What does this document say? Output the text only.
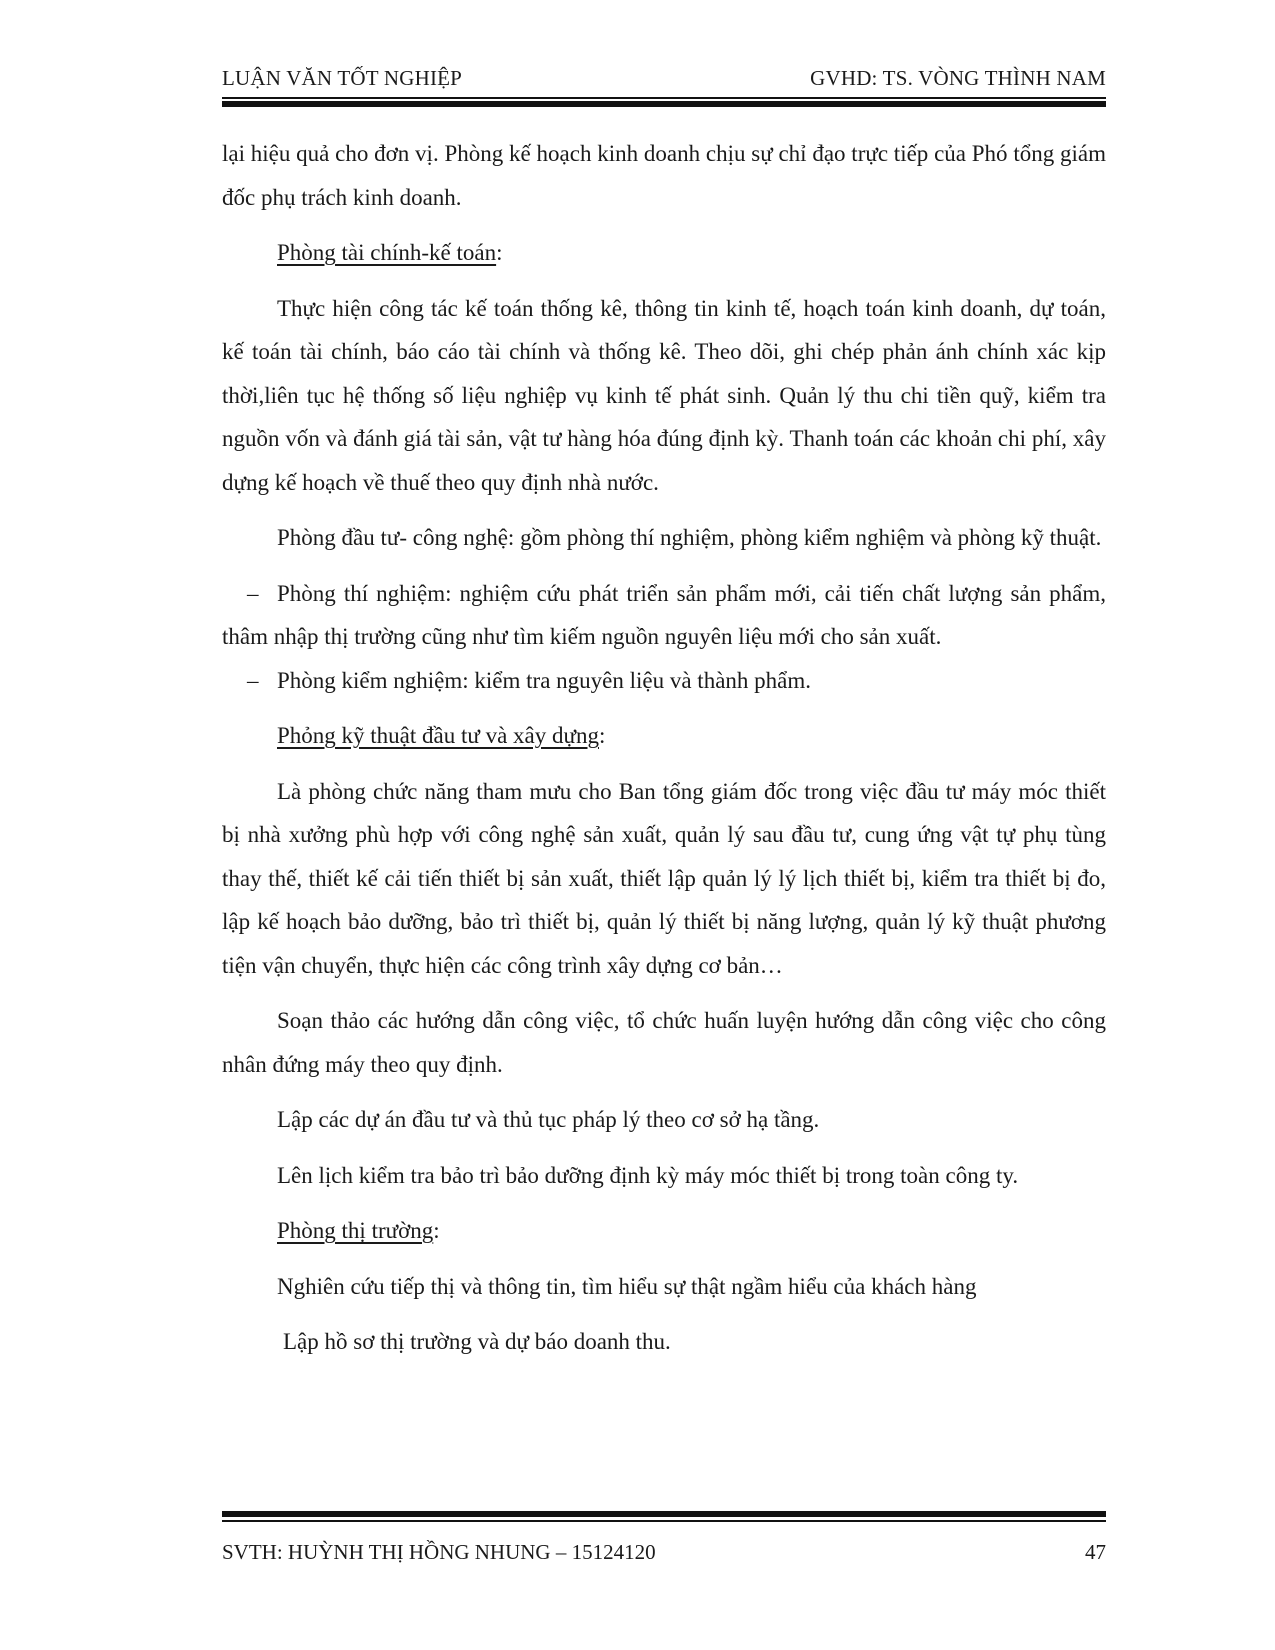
LUẬN VĂN TỐT NGHIỆP	GVHD: TS. VÒNG THÌNH NAM
lại hiệu quả cho đơn vị. Phòng kế hoạch kinh doanh chịu sự chỉ đạo trực tiếp của Phó tổng giám đốc phụ trách kinh doanh.
Phòng tài chính-kế toán:
Thực hiện công tác kế toán thống kê, thông tin kinh tế, hoạch toán kinh doanh, dự toán, kế toán tài chính, báo cáo tài chính và thống kê. Theo dõi, ghi chép phản ánh chính xác kịp thời,liên tục hệ thống số liệu nghiệp vụ kinh tế phát sinh. Quản lý thu chi tiền quỹ, kiểm tra nguồn vốn và đánh giá tài sản, vật tư hàng hóa đúng định kỳ. Thanh toán các khoản chi phí, xây dựng kế hoạch về thuế theo quy định nhà nước.
Phòng đầu tư- công nghệ: gồm phòng thí nghiệm, phòng kiểm nghiệm và phòng kỹ thuật.
– Phòng thí nghiệm: nghiệm cứu phát triển sản phẩm mới, cải tiến chất lượng sản phẩm, thâm nhập thị trường cũng như tìm kiếm nguồn nguyên liệu mới cho sản xuất.
– Phòng kiểm nghiệm: kiểm tra nguyên liệu và thành phẩm.
Phỏng kỹ thuật đầu tư và xây dựng:
Là phòng chức năng tham mưu cho Ban tổng giám đốc trong việc đầu tư máy móc thiết bị nhà xưởng phù hợp với công nghệ sản xuất, quản lý sau đầu tư, cung ứng vật tự phụ tùng thay thế, thiết kế cải tiến thiết bị sản xuất, thiết lập quản lý lý lịch thiết bị, kiểm tra thiết bị đo, lập kế hoạch bảo dưỡng, bảo trì thiết bị, quản lý thiết bị năng lượng, quản lý kỹ thuật phương tiện vận chuyển, thực hiện các công trình xây dựng cơ bản…
Soạn thảo các hướng dẫn công việc, tổ chức huấn luyện hướng dẫn công việc cho công nhân đứng máy theo quy định.
Lập các dự án đầu tư và thủ tục pháp lý theo cơ sở hạ tầng.
Lên lịch kiểm tra bảo trì bảo dưỡng định kỳ máy móc thiết bị trong toàn công ty.
Phòng thị trường:
Nghiên cứu tiếp thị và thông tin, tìm hiểu sự thật ngầm hiểu của khách hàng
Lập hồ sơ thị trường và dự báo doanh thu.
SVTH: HUỲNH THỊ HỒNG NHUNG – 15124120	47
